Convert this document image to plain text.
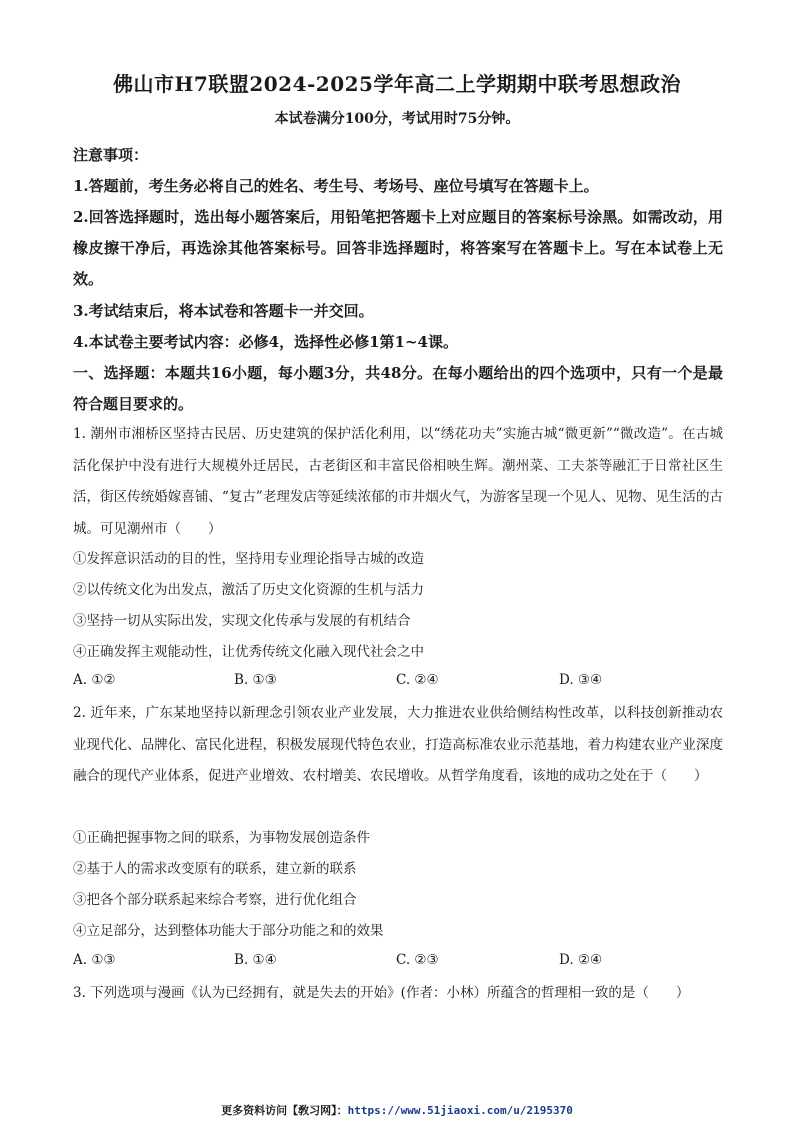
佛山市H7联盟2024-2025学年高二上学期期中联考思想政治
本试卷满分100分，考试用时75分钟。
注意事项：
1.答题前，考生务必将自己的姓名、考生号、考场号、座位号填写在答题卡上。
2.回答选择题时，选出每小题答案后，用铅笔把答题卡上对应题目的答案标号涂黑。如需改动，用橡皮擦干净后，再选涂其他答案标号。回答非选择题时，将答案写在答题卡上。写在本试卷上无效。
3.考试结束后，将本试卷和答题卡一并交回。
4.本试卷主要考试内容：必修4，选择性必修1第1~4课。
一、选择题：本题共16小题，每小题3分，共48分。在每小题给出的四个选项中，只有一个是最符合题目要求的。
1. 潮州市湘桥区坚持古民居、历史建筑的保护活化利用，以“绣花功夫”实施古城“微更新”“微改造”。在古城活化保护中没有进行大规模外迁居民，古老街区和丰富民俗相映生辉。潮州菜、工夫茶等融汇于日常社区生活，街区传统婚嫁喜铺、“复古”老理发店等延续浓郁的市井烟火气，为游客呈现一个见人、见物、见生活的古城。可见潮州市（　　）
①发挥意识活动的目的性，坚持用专业理论指导古城的改造
②以传统文化为出发点，激活了历史文化资源的生机与活力
③坚持一切从实际出发，实现文化传承与发展的有机结合
④正确发挥主观能动性，让优秀传统文化融入现代社会之中
A. ①②	B. ①③	C. ②④	D. ③④
2. 近年来，广东某地坚持以新理念引领农业产业发展，大力推进农业供给侧结构性改革，以科技创新推动农业现代化、品牌化、富民化进程，积极发展现代特色农业，打造高标准农业示范基地，着力构建农业产业深度融合的现代产业体系，促进产业增效、农村增美、农民增收。从哲学角度看，该地的成功之处在于（　　）
①正确把握事物之间的联系，为事物发展创造条件
②基于人的需求改变原有的联系，建立新的联系
③把各个部分联系起来综合考察，进行优化组合
④立足部分，达到整体功能大于部分功能之和的效果
A. ①③	B. ①④	C. ②③	D. ②④
3. 下列选项与漫画《认为已经拥有，就是失去的开始》(作者：小林）所蕴含的哲理相一致的是（　　）
更多资料访问【敎习网】：https://www.51jiaoxi.com/u/2195370
